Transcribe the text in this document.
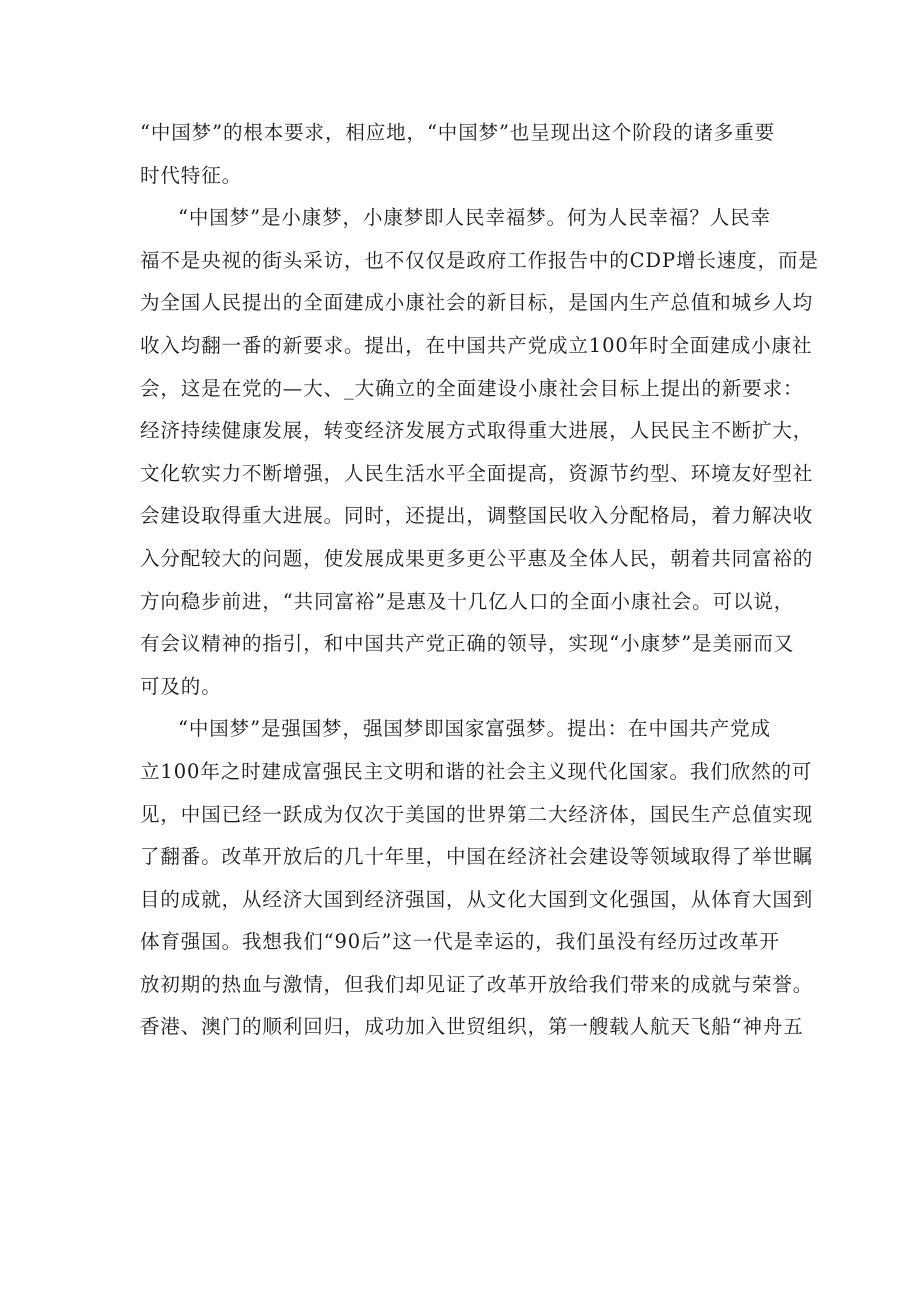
“中国梦”的根本要求，相应地，“中国梦”也呈现出这个阶段的诸多重要
时代特征。
“中国梦”是小康梦，小康梦即人民幸福梦。何为人民幸福？人民幸
福不是央视的街头采访，也不仅仅是政府工作报告中的CDP增长速度，而是
为全国人民提出的全面建成小康社会的新目标，是国内生产总值和城乡人均
收入均翻一番的新要求。提出，在中国共产党成立100年时全面建成小康社
会，这是在党的—大、_大确立的全面建设小康社会目标上提出的新要求：
经济持续健康发展，转变经济发展方式取得重大进展，人民民主不断扩大，
文化软实力不断增强，人民生活水平全面提高，资源节约型、环境友好型社
会建设取得重大进展。同时，还提出，调整国民收入分配格局，着力解决收
入分配较大的问题，使发展成果更多更公平惠及全体人民，朝着共同富裕的
方向稳步前进，“共同富裕”是惠及十几亿人口的全面小康社会。可以说，
有会议精神的指引，和中国共产党正确的领导，实现“小康梦”是美丽而又
可及的。
“中国梦”是强国梦，强国梦即国家富强梦。提出：在中国共产党成
立100年之时建成富强民主文明和谐的社会主义现代化国家。我们欣然的可
见，中国已经一跃成为仅次于美国的世界第二大经济体，国民生产总值实现
了翻番。改革开放后的几十年里，中国在经济社会建设等领域取得了举世瞩
目的成就，从经济大国到经济强国，从文化大国到文化强国，从体育大国到
体育强国。我想我们“90后”这一代是幸运的，我们虽没有经历过改革开
放初期的热血与激情，但我们却见证了改革开放给我们带来的成就与荣誉。
香港、澳门的顺利回归，成功加入世贸组织，第一艘载人航天飞船“神舟五
